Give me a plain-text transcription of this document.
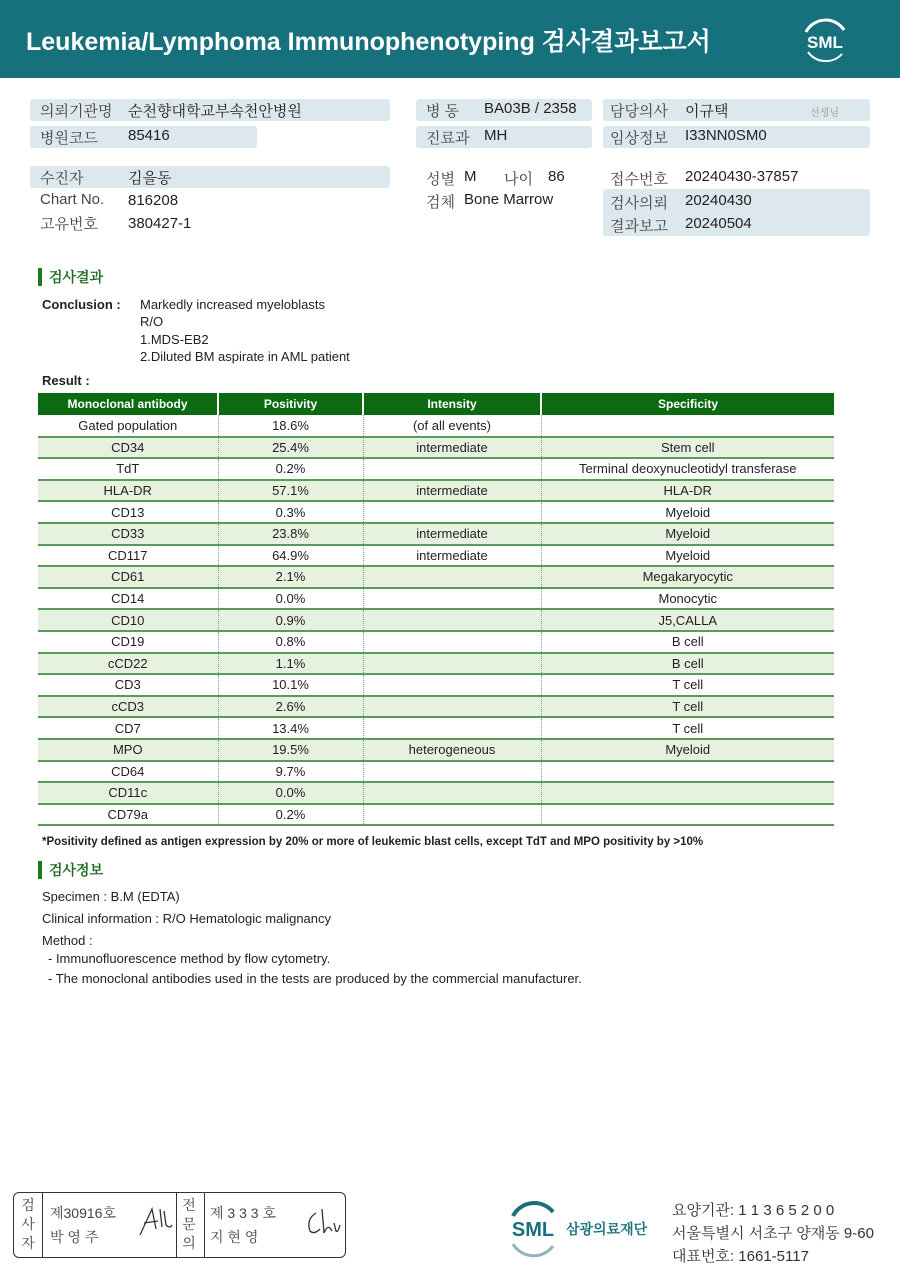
Leukemia/Lymphoma Immunophenotyping 검사결과보고서	SML
의뢰기관명 순천향대학교부속천안병원
병원코드 85416
병 동 BA03B / 2358
진료과 MH
담당의사 이규택	선생님
임상정보 I33NN0SM0
수진자	김을동
Chart No. 816208
고유번호 380427-1
성별 M 나이 86
검체 Bone Marrow
접수번호 20240430-37857
검사의뢰 20240430
결과보고 20240504
검사결과
Conclusion : Markedly increased myeloblasts
R/O
1.MDS-EB2
2.Diluted BM aspirate in AML patient
Result :
Monoclonal antibody	Positivity	Intensity	Specificity
Gated population	18.6%	(of all events)	
CD34	25.4%	intermediate	Stem cell
TdT	0.2%		Terminal deoxynucleotidyl transferase
HLA-DR	57.1%	intermediate	HLA-DR
CD13	0.3%		Myeloid
CD33	23.8%	intermediate	Myeloid
CD117	64.9%	intermediate	Myeloid
CD61	2.1%		Megakaryocytic
CD14	0.0%		Monocytic
CD10	0.9%		J5,CALLA
CD19	0.8%		B cell
cCD22	1.1%		B cell
CD3	10.1%		T cell
cCD3	2.6%		T cell
CD7	13.4%		T cell
MPO	19.5%	heterogeneous	Myeloid
CD64	9.7%		
CD11c	0.0%		
CD79a	0.2%		
*Positivity defined as antigen expression by 20% or more of leukemic blast cells, except TdT and MPO positivity by >10%
검사정보
Specimen : B.M (EDTA)
Clinical information : R/O Hematologic malignancy
Method :
- Immunofluorescence method by flow cytometry.
- The monoclonal antibodies used in the tests are produced by the commercial manufacturer.
검
사
자
제30916호
박 영 주
전
문
의
제 3 3 3 호
지 현 영	SML 삼광의료재단
요양기관: 1 1 3 6 5 2 0 0
서울특별시 서초구 양재동 9-60
대표번호: 1661-5117
